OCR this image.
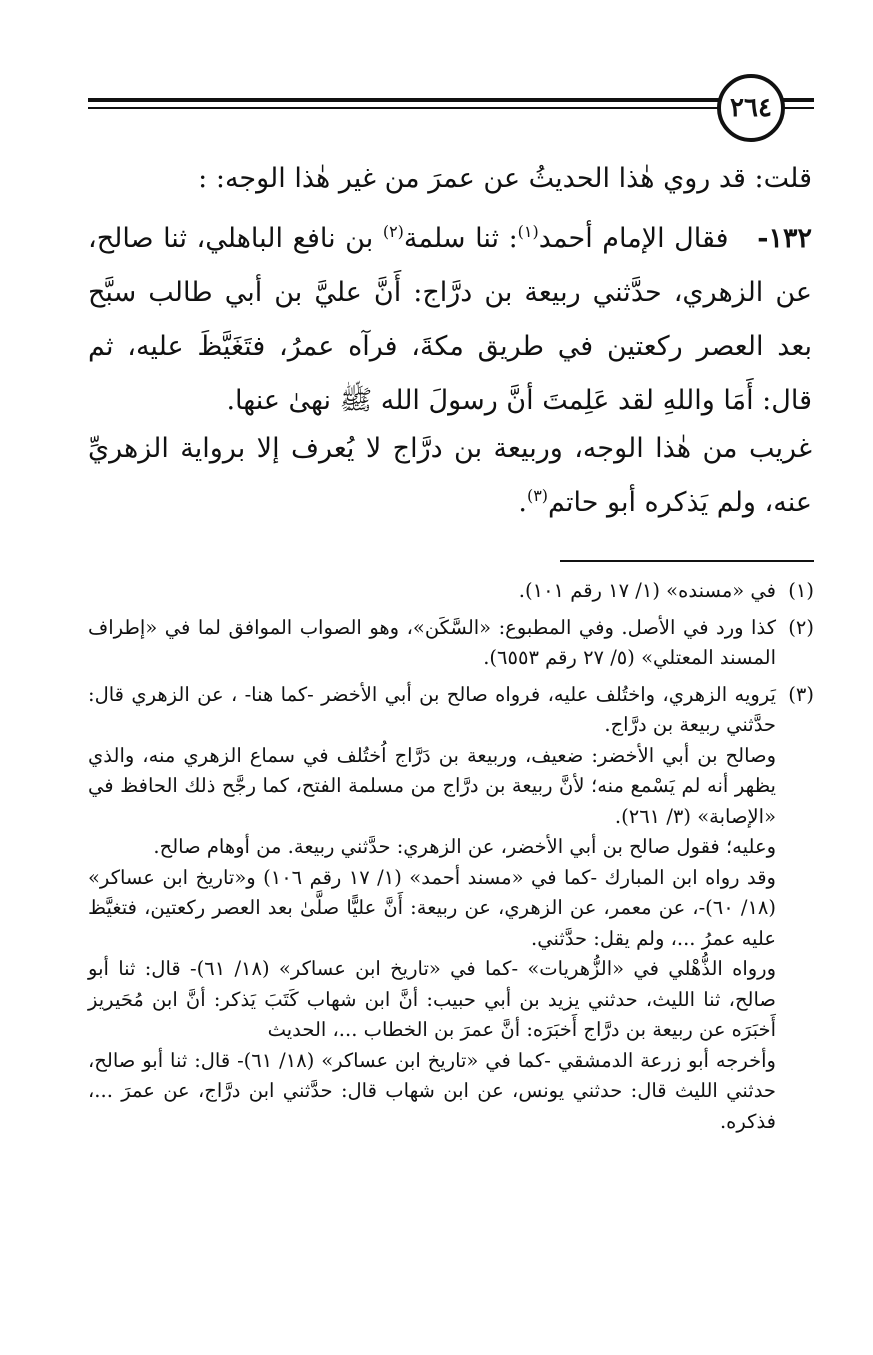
٢٦٤

قلت: قد روي هٰذا الحديثُ عن عمرَ من غير هٰذا الوجه: :

١٣٢-   فقال الإمام أحمد$^{(١)}$: ثنا سلمة$^{(٢)}$ بن نافع الباهلي، ثنا صالح، عن الزهري، حدَّثني ربيعة بن درَّاج: أَنَّ عليَّ بن أبي طالب سبَّح بعد العصر ركعتين في طريق مكةَ، فرآه عمرُ، فتَغَيَّظَ عليه، ثم قال: أَمَا واللهِ لقد عَلِمتَ أنَّ رسولَ الله ﷺ نهىٰ عنها.

غريب من هٰذا الوجه، وربيعة بن درَّاج لا يُعرف إلا برواية الزهريِّ عنه، ولم يَذكره أبو حاتم$^{(٣)}$.

(١)
في «مسنده» (١/ ١٧ رقم ١٠١).
(٢)
كذا ورد في الأصل. وفي المطبوع: «السَّكَن»، وهو الصواب الموافق لما في «إطراف المسند المعتلي» (٥/ ٢٧ رقم ٦٥٥٣).
(٣)

يَرويه الزهري، واختُلف عليه، فرواه صالح بن أبي الأخضر -كما هنا- ، عن الزهري قال: حدَّثني ربيعة بن درَّاج.

وصالح بن أبي الأخضر: ضعيف، وربيعة بن دَرَّاج اُختُلف في سماع الزهري منه، والذي يظهر أنه لم يَسْمع منه؛ لأنَّ ربيعة بن درَّاج من مسلمة الفتح، كما رجَّح ذلك الحافظ في «الإصابة» (٣/ ٢٦١).

وعليه؛ فقول صالح بن أبي الأخضر، عن الزهري: حدَّثني ربيعة. من أوهام صالح.

وقد رواه ابن المبارك -كما في «مسند أحمد» (١/ ١٧ رقم ١٠٦) و«تاريخ ابن عساكر» (١٨/ ٦٠)-، عن معمر، عن الزهري، عن ربيعة: أَنَّ عليًّا صلَّىٰ بعد العصر ركعتين، فتغيَّظ عليه عمرُ ...، ولم يقل: حدَّثني.

ورواه الذُّهْلي في «الزُّهريات» -كما في «تاريخ ابن عساكر» (١٨/ ٦١)- قال: ثنا أبو صالح، ثنا الليث، حدثني يزيد بن أبي حبيب: أنَّ ابن شهاب كَتَبَ يَذكر: أنَّ ابن مُحَيريز أَخبَرَه عن ربيعة بن درَّاج أَخبَرَه: أنَّ عمرَ بن الخطاب ...، الحديث

وأخرجه أبو زرعة الدمشقي -كما في «تاريخ ابن عساكر» (١٨/ ٦١)- قال: ثنا أبو صالح، حدثني الليث قال: حدثني يونس، عن ابن شهاب قال: حدَّثني ابن درَّاج، عن عمرَ ...، فذكره.
